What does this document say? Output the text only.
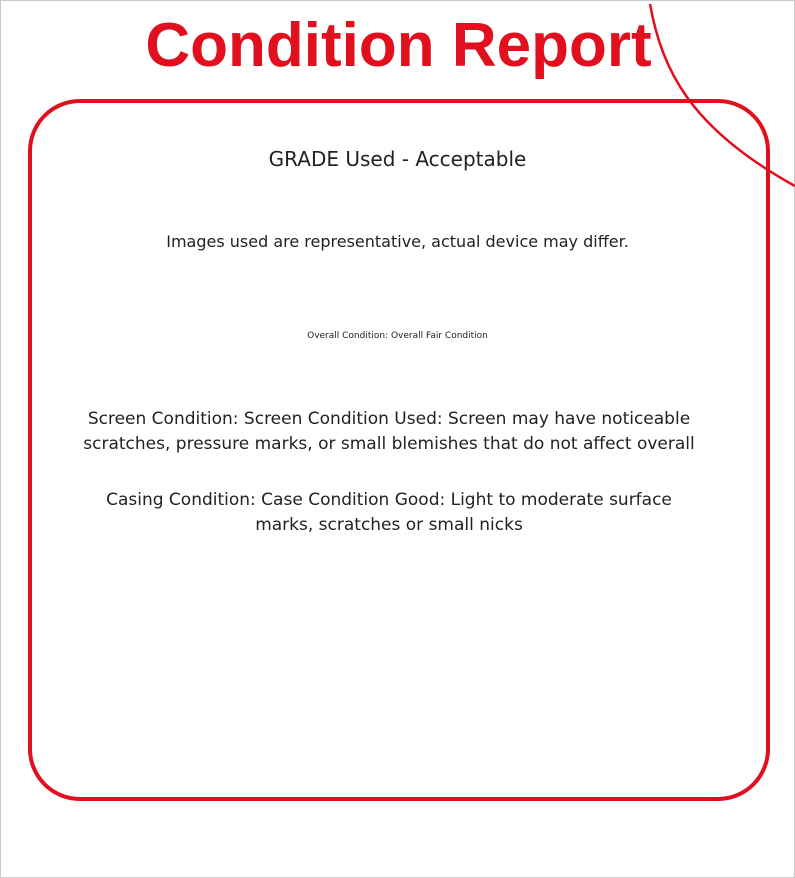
Condition Report
GRADE Used - Acceptable
Images used are representative, actual device may differ.
Overall Condition: Overall Fair Condition
Screen Condition: Screen Condition Used: Screen may have noticeable scratches, pressure marks, or small blemishes that do not affect overall
Casing Condition: Case Condition Good: Light to moderate surface marks, scratches or small nicks
